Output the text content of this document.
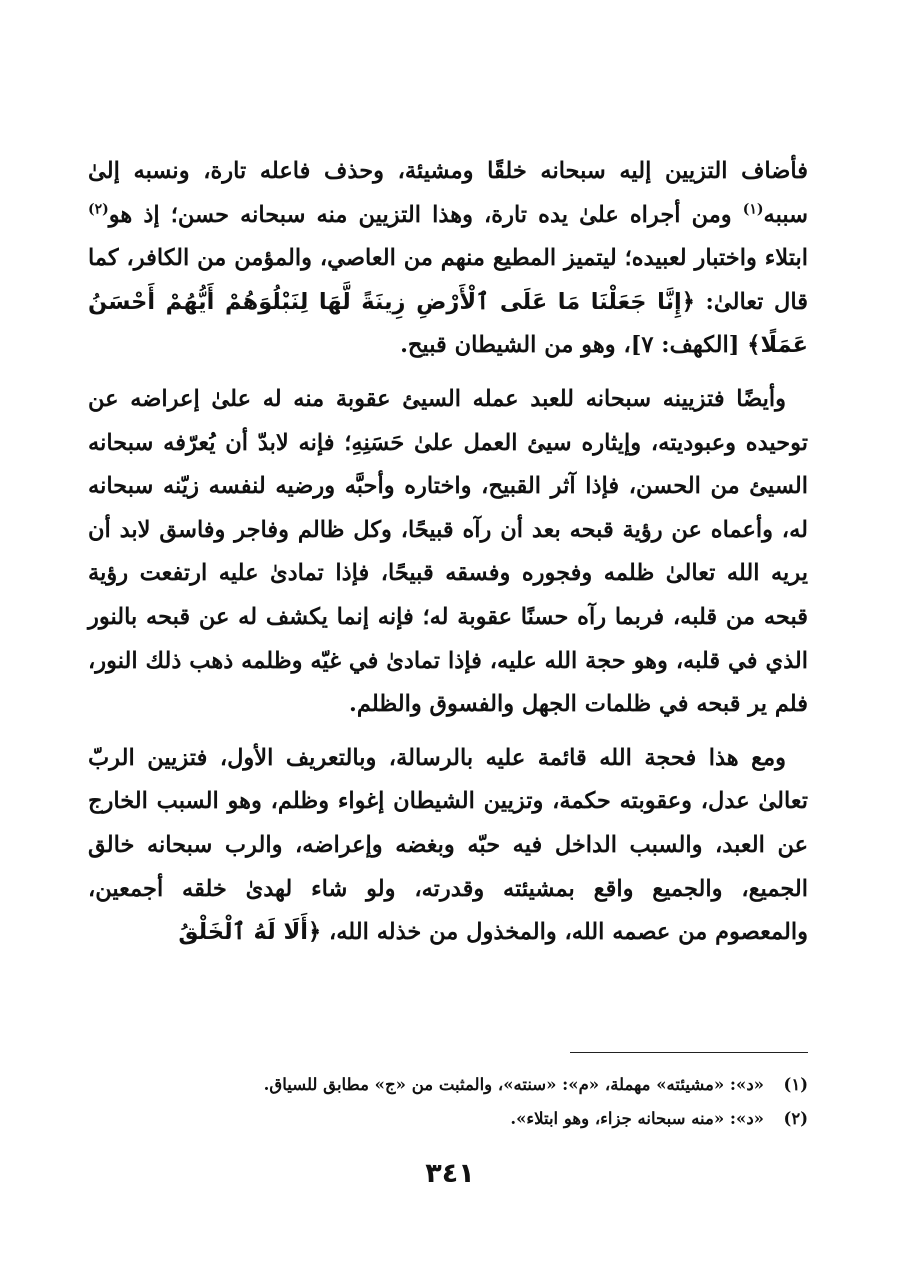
فأضاف التزيين إليه سبحانه خلقًا ومشيئة، وحذف فاعله تارة، ونسبه إلىٰ سببه$^{(١)}$ ومن أجراه علىٰ يده تارة، وهذا التزيين منه سبحانه حسن؛ إذ هو$^{(٢)}$ ابتلاء واختبار لعبيده؛ ليتميز المطيع منهم من العاصي، والمؤمن من الكافر، كما قال تعالىٰ: ﴿إِنَّا جَعَلْنَا مَا عَلَى ٱلْأَرْضِ زِينَةً لَّهَا لِنَبْلُوَهُمْ أَيُّهُمْ أَحْسَنُ عَمَلًا﴾ [الكهف: ٧]، وهو من الشيطان قبيح.

وأيضًا فتزيينه سبحانه للعبد عمله السيئ عقوبة منه له علىٰ إعراضه عن توحيده وعبوديته، وإيثاره سيئ العمل علىٰ حَسَنِهِ؛ فإنه لابدّ أن يُعرّفه سبحانه السيئ من الحسن، فإذا آثر القبيح، واختاره وأحبَّه ورضيه لنفسه زيّنه سبحانه له، وأعماه عن رؤية قبحه بعد أن رآه قبيحًا، وكل ظالم وفاجر وفاسق لابد أن يريه الله تعالىٰ ظلمه وفجوره وفسقه قبيحًا، فإذا تمادىٰ عليه ارتفعت رؤية قبحه من قلبه، فربما رآه حسنًا عقوبة له؛ فإنه إنما يكشف له عن قبحه بالنور الذي في قلبه، وهو حجة الله عليه، فإذا تمادىٰ في غيّه وظلمه ذهب ذلك النور، فلم ير قبحه في ظلمات الجهل والفسوق والظلم.

ومع هذا فحجة الله قائمة عليه بالرسالة، وبالتعريف الأول، فتزيين الربّ تعالىٰ عدل، وعقوبته حكمة، وتزيين الشيطان إغواء وظلم، وهو السبب الخارج عن العبد، والسبب الداخل فيه حبّه وبغضه وإعراضه، والرب سبحانه خالق الجميع، والجميع واقع بمشيئته وقدرته، ولو شاء لهدىٰ خلقه أجمعين، والمعصوم من عصمه الله، والمخذول من خذله الله، ﴿أَلَا لَهُ ٱلْخَلْقُ

(١)«د»: «مشيئته» مهملة، «م»: «سنته»، والمثبت من «ج» مطابق للسياق.

(٢)«د»: «منه سبحانه جزاء، وهو ابتلاء».

٣٤١
